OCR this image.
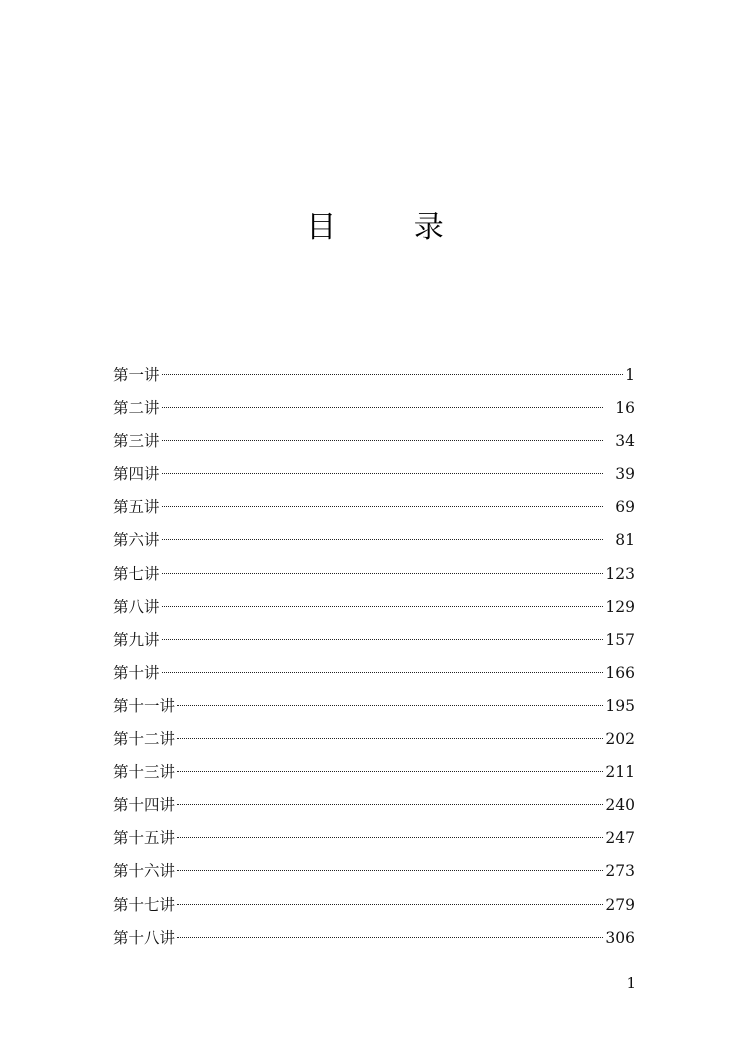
目 录
第一讲	1
第二讲	16
第三讲	34
第四讲	39
第五讲	69
第六讲	81
第七讲	123
第八讲	129
第九讲	157
第十讲	166
第十一讲	195
第十二讲	202
第十三讲	211
第十四讲	240
第十五讲	247
第十六讲	273
第十七讲	279
第十八讲	306
1
